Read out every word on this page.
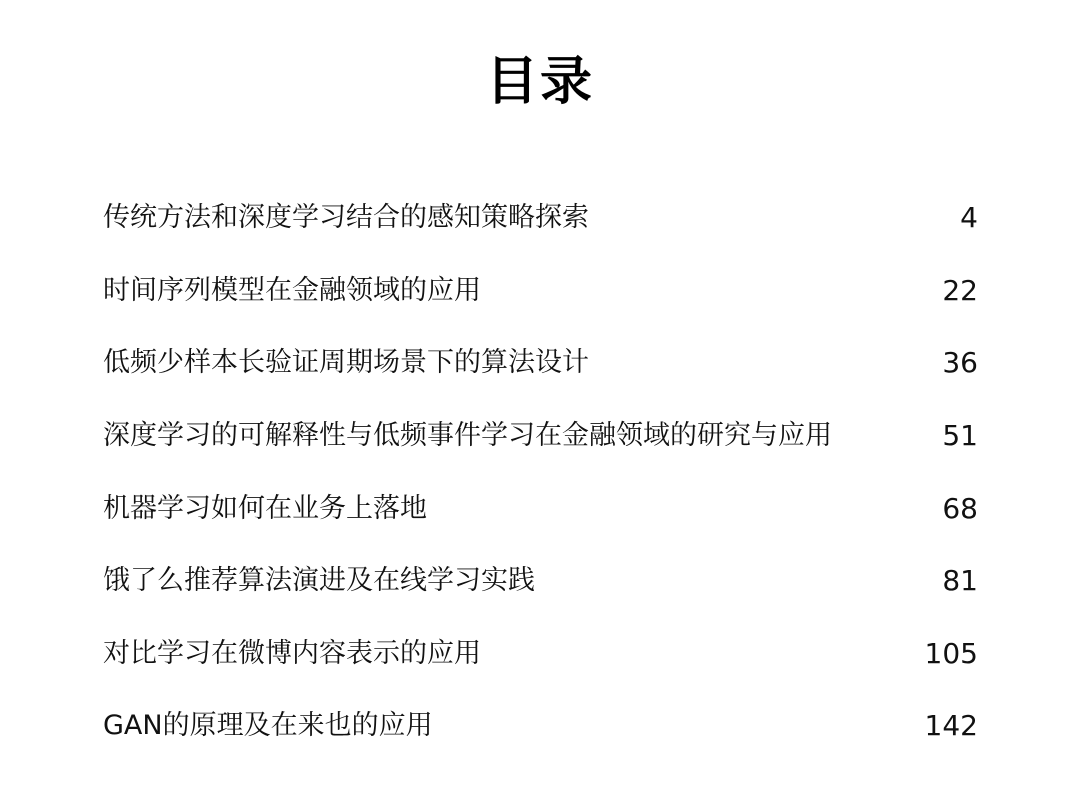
目录
传统方法和深度学习结合的感知策略探索	4
时间序列模型在金融领域的应用	22
低频少样本长验证周期场景下的算法设计	36
深度学习的可解释性与低频事件学习在金融领域的研究与应用	51
机器学习如何在业务上落地	68
饿了么推荐算法演进及在线学习实践	81
对比学习在微博内容表示的应用	105
GAN的原理及在来也的应用	142
